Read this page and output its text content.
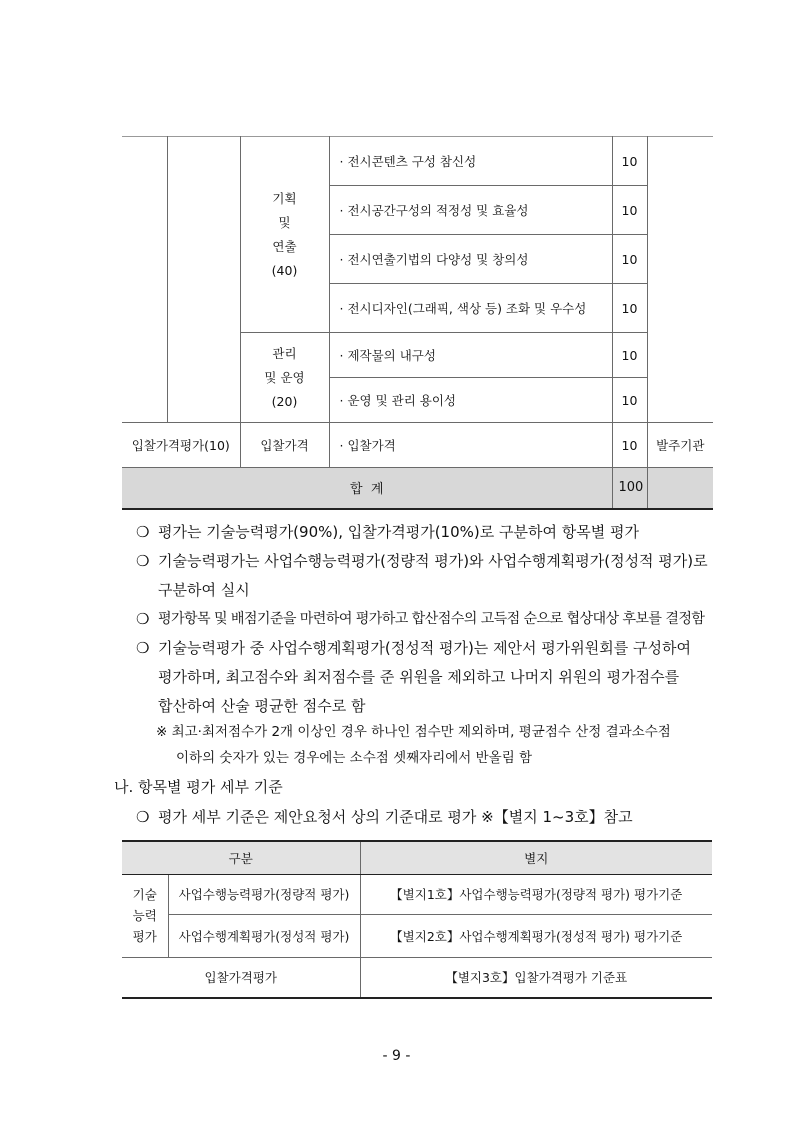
		기획
및
연출
(40)	· 전시콘텐츠 구성 참신성	10	
			· 전시공간구성의 적정성 및 효율성	10	
			· 전시연출기법의 다양성 및 창의성	10	
			· 전시디자인(그래픽, 색상 등) 조화 및 우수성	10	

		관리
및 운영
(20)	· 제작물의 내구성	10	
			· 운영 및 관리 용이성	10	
입찰가격평가(10)		입찰가격	· 입찰가격	10	발주기관
합  계				100	
❍ 평가는 기술능력평가(90%), 입찰가격평가(10%)로 구분하여 항목별 평가
❍ 기술능력평가는 사업수행능력평가(정량적 평가)와 사업수행계획평가(정성적 평가)로
구분하여 실시
❍ 평가항목 및 배점기준을 마련하여 평가하고 합산점수의 고득점 순으로 협상대상 후보를 결정함
❍ 기술능력평가 중 사업수행계획평가(정성적 평가)는 제안서 평가위원회를 구성하여
평가하며, 최고점수와 최저점수를 준 위원을 제외하고 나머지 위원의 평가점수를
합산하여 산술 평균한 점수로 함
※ 최고·최저점수가 2개 이상인 경우 하나인 점수만 제외하며, 평균점수 산정 결과소수점
이하의 숫자가 있는 경우에는 소수점 셋째자리에서 반올림 함
나. 항목별 평가 세부 기준
❍ 평가 세부 기준은 제안요청서 상의 기준대로 평가 ※【별지 1~3호】참고
구분		별지

기술
능력
평가	사업수행능력평가(정량적 평가)	【별지1호】사업수행능력평가(정량적 평가) 평가기준
	사업수행계획평가(정성적 평가)	【별지2호】사업수행계획평가(정성적 평가) 평가기준
입찰가격평가		【별지3호】입찰가격평가 기준표
- 9 -
